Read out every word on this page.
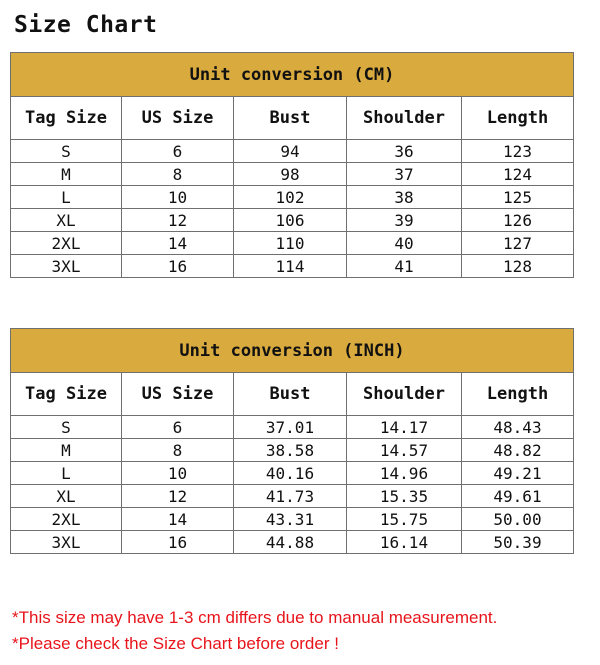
Size Chart
Unit conversion (CM)				
Tag Size	US Size	Bust	Shoulder	Length
S	6	94	36	123
M	8	98	37	124
L	10	102	38	125
XL	12	106	39	126
2XL	14	110	40	127
3XL	16	114	41	128
Unit conversion (INCH)				
Tag Size	US Size	Bust	Shoulder	Length
S	6	37.01	14.17	48.43
M	8	38.58	14.57	48.82
L	10	40.16	14.96	49.21
XL	12	41.73	15.35	49.61
2XL	14	43.31	15.75	50.00
3XL	16	44.88	16.14	50.39
*This size may have 1-3 cm differs due to manual measurement.
*Please check the Size Chart before order !
